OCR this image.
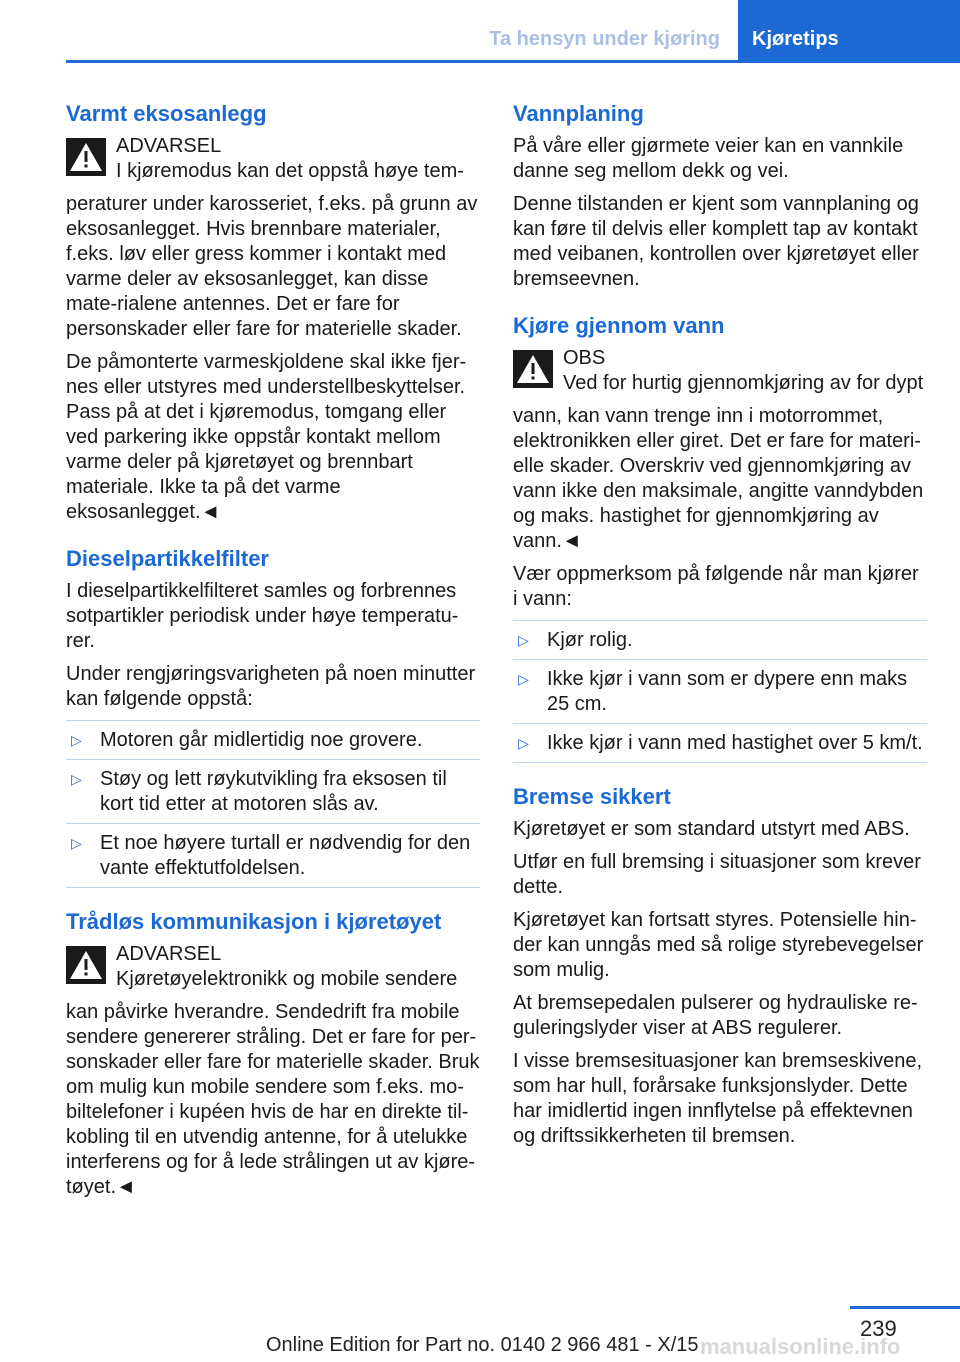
Ta hensyn under kjøring	Kjøretips
Varmt eksosanlegg

ADVARSEL

I kjøremodus kan det oppstå høye tem-

peraturer under karosseriet, f.eks. på grunn av eksosanlegget. Hvis brennbare materialer, f.eks. løv eller gress kommer i kontakt med varme deler av eksosanlegget, kan disse mate-rialene antennes. Det er fare for personskader eller fare for materielle skader.

De påmonterte varmeskjoldene skal ikke fjer-nes eller utstyres med understellbeskyttelser. Pass på at det i kjøremodus, tomgang eller ved parkering ikke oppstår kontakt mellom varme deler på kjøretøyet og brennbart materiale. Ikke ta på det varme eksosanlegget.◄

Dieselpartikkelfilter

I dieselpartikkelfilteret samles og forbrennes sotpartikler periodisk under høye temperatu-rer.

Under rengjøringsvarigheten på noen minutter kan følgende oppstå:

▷ Motoren går midlertidig noe grovere.
▷ Støy og lett røykutvikling fra eksosen til kort tid etter at motoren slås av.
▷ Et noe høyere turtall er nødvendig for den vante effektutfoldelsen.
Trådløs kommunikasjon i kjøretøyet

ADVARSEL

Kjøretøyelektronikk og mobile sendere

kan påvirke hverandre. Sendedrift fra mobile sendere genererer stråling. Det er fare for per-sonskader eller fare for materielle skader. Bruk om mulig kun mobile sendere som f.eks. mo-biltelefoner i kupéen hvis de har en direkte til-kobling til en utvendig antenne, for å utelukke interferens og for å lede strålingen ut av kjøre-tøyet.◄

Vannplaning

På våre eller gjørmete veier kan en vannkile danne seg mellom dekk og vei.

Denne tilstanden er kjent som vannplaning og kan føre til delvis eller komplett tap av kontakt med veibanen, kontrollen over kjøretøyet eller bremseevnen.

Kjøre gjennom vann

OBS

Ved for hurtig gjennomkjøring av for dypt

vann, kan vann trenge inn i motorrommet, elektronikken eller giret. Det er fare for materi-elle skader. Overskriv ved gjennomkjøring av vann ikke den maksimale, angitte vanndybden og maks. hastighet for gjennomkjøring av vann.◄

Vær oppmerksom på følgende når man kjører i vann:

▷ Kjør rolig.
▷ Ikke kjør i vann som er dypere enn maks 25 cm.
▷ Ikke kjør i vann med hastighet over 5 km/t.
Bremse sikkert

Kjøretøyet er som standard utstyrt med ABS.

Utfør en full bremsing i situasjoner som krever dette.

Kjøretøyet kan fortsatt styres. Potensielle hin-der kan unngås med så rolige styrebevegelser som mulig.

At bremsepedalen pulserer og hydrauliske re-guleringslyder viser at ABS regulerer.

I visse bremsesituasjoner kan bremseskivene, som har hull, forårsake funksjonslyder. Dette har imidlertid ingen innflytelse på effektevnen og driftssikkerheten til bremsen.

239
Online Edition for Part no. 0140 2 966 481 - X/15 manualsonline.info
